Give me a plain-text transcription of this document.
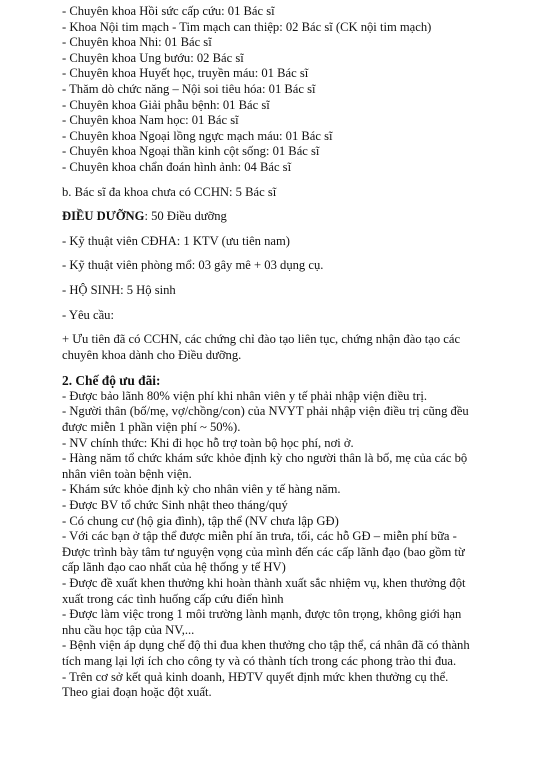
- Chuyên khoa Hồi sức cấp cứu: 01 Bác sĩ
- Khoa Nội tim mạch - Tim mạch can thiệp: 02 Bác sĩ (CK nội tim mạch)
- Chuyên khoa Nhi: 01 Bác sĩ
- Chuyên khoa Ung bướu: 02 Bác sĩ
- Chuyên khoa Huyết học, truyền máu: 01 Bác sĩ
- Thăm dò chức năng – Nội soi tiêu hóa: 01 Bác sĩ
- Chuyên khoa Giải phẫu bệnh: 01 Bác sĩ
- Chuyên khoa Nam học: 01 Bác sĩ
- Chuyên khoa Ngoại lồng ngực mạch máu: 01 Bác sĩ
- Chuyên khoa Ngoại thần kinh cột sống: 01 Bác sĩ
- Chuyên khoa chẩn đoán hình ảnh: 04 Bác sĩ
b. Bác sĩ đa khoa chưa có CCHN: 5 Bác sĩ
ĐIỀU DƯỠNG: 50 Điều dưỡng
- Kỹ thuật viên CĐHA: 1 KTV (ưu tiên nam)
- Kỹ thuật viên phòng mổ: 03 gây mê + 03 dụng cụ.
- HỘ SINH: 5 Hộ sinh
- Yêu cầu:
+ Ưu tiên đã có CCHN, các chứng chỉ đào tạo liên tục, chứng nhận đào tạo các
chuyên khoa dành cho Điều dưỡng.
2. Chế độ ưu đãi:
- Được bảo lãnh 80% viện phí khi nhân viên y tế phải nhập viện điều trị.
- Người thân (bố/mẹ, vợ/chồng/con) của NVYT phải nhập viện điều trị cũng đều
được miễn 1 phần viện phí ~ 50%).
- NV chính thức: Khi đi học hỗ trợ toàn bộ học phí, nơi ở.
- Hàng năm tổ chức khám sức khỏe định kỳ cho người thân là bố, mẹ của các bộ
nhân viên toàn bệnh viện.
- Khám sức khỏe định kỳ cho nhân viên y tế hàng năm.
- Được BV tổ chức Sinh nhật theo tháng/quý
- Có chung cư (hộ gia đình), tập thể (NV chưa lập GĐ)
- Với các bạn ở tập thể được miễn phí ăn trưa, tối, các hỗ GĐ – miễn phí bữa -
Được trình bày tâm tư nguyện vọng của mình đến các cấp lãnh đạo (bao gồm từ
cấp lãnh đạo cao nhất của hệ thống y tế HV)
- Được đề xuất khen thưởng khi hoàn thành xuất sắc nhiệm vụ, khen thưởng đột
xuất trong các tình huống cấp cứu điển hình
- Được làm việc trong 1 môi trường lành mạnh, được tôn trọng, không giới hạn
nhu cầu học tập của NV,...
- Bệnh viện áp dụng chế độ thi đua khen thưởng cho tập thể, cá nhân đã có thành
tích mang lại lợi ích cho công ty và có thành tích trong các phong trào thi đua.
- Trên cơ sở kết quả kinh doanh, HĐTV quyết định mức khen thưởng cụ thể.
Theo giai đoạn hoặc đột xuất.
